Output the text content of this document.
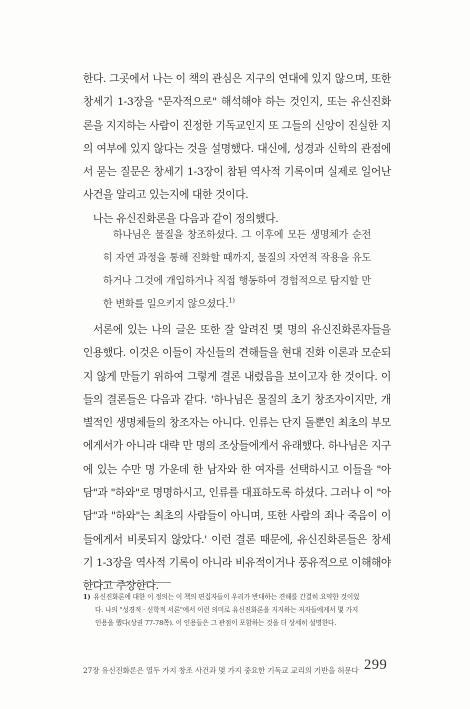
한다. 그곳에서 나는 이 책의 관심은 지구의 연대에 있지 않으며, 또한 창세기 1-3장을 "문자적으로" 해석해야 하는 것인지, 또는 유신진화론을 지지하는 사람이 진정한 기독교인지 또 그들의 신앙이 진실한 지의 여부에 있지 않다는 것을 설명했다. 대신에, 성경과 신학의 관점에서 묻는 질문은 창세기 1-3장이 참된 역사적 기록이며 실제로 일어난 사건을 알리고 있는지에 대한 것이다.

나는 유신진화론을 다음과 같이 정의했다.

하나님은 물질을 창조하셨다. 그 이후에 모든 생명체가 순전히 자연 과정을 통해 진화할 때까지, 물질의 자연적 작용을 유도하거나 그것에 개입하거나 직접 행동하여 경험적으로 탐지할 만한 변화를 일으키지 않으셨다.$^{1)}$

서론에 있는 나의 글은 또한 잘 알려진 몇 명의 유신진화론자들을 인용했다. 이것은 이들이 자신들의 견해들을 현대 진화 이론과 모순되지 않게 만들기 위하여 그렇게 결론 내렸음을 보이고자 한 것이다. 이들의 결론들은 다음과 같다. '하나님은 물질의 초기 창조자이지만, 개별적인 생명체들의 창조자는 아니다. 인류는 단지 돌뿐인 최초의 부모에게서가 아니라 대략 만 명의 조상들에게서 유래했다. 하나님은 지구에 있는 수만 명 가운데 한 남자와 한 여자를 선택하시고 이들을 "아담"과 "하와"로 명명하시고, 인류를 대표하도록 하셨다. 그러나 이 "아담"과 "하와"는 최초의 사람들이 아니며, 또한 사람의 죄나 죽음이 이들에게서 비롯되지 않았다.' 이런 결론 때문에, 유신진화론들은 창세기 1-3장을 역사적 기록이 아니라 비유적이거나 풍유적으로 이해해야 한다고 주장한다.

1) 유신진화론에 대한 이 정의는 이 책의 편집자들이 우리가 반대하는 견해를 간결히 요약한 것이었
다. 나의 "성경적 · 신학적 서론"에서 이런 의미로 유신진화론을 지지하는 저자들에게서 몇 가지
인용을 했다(상권 77-78쪽). 이 인용들은 그 관점이 포함하는 것을 더 상세히 설명한다.
27장 유신진화론은 열두 가지 창조 사건과 몇 가지 중요한 기독교 교리의 기반을 허문다 299
